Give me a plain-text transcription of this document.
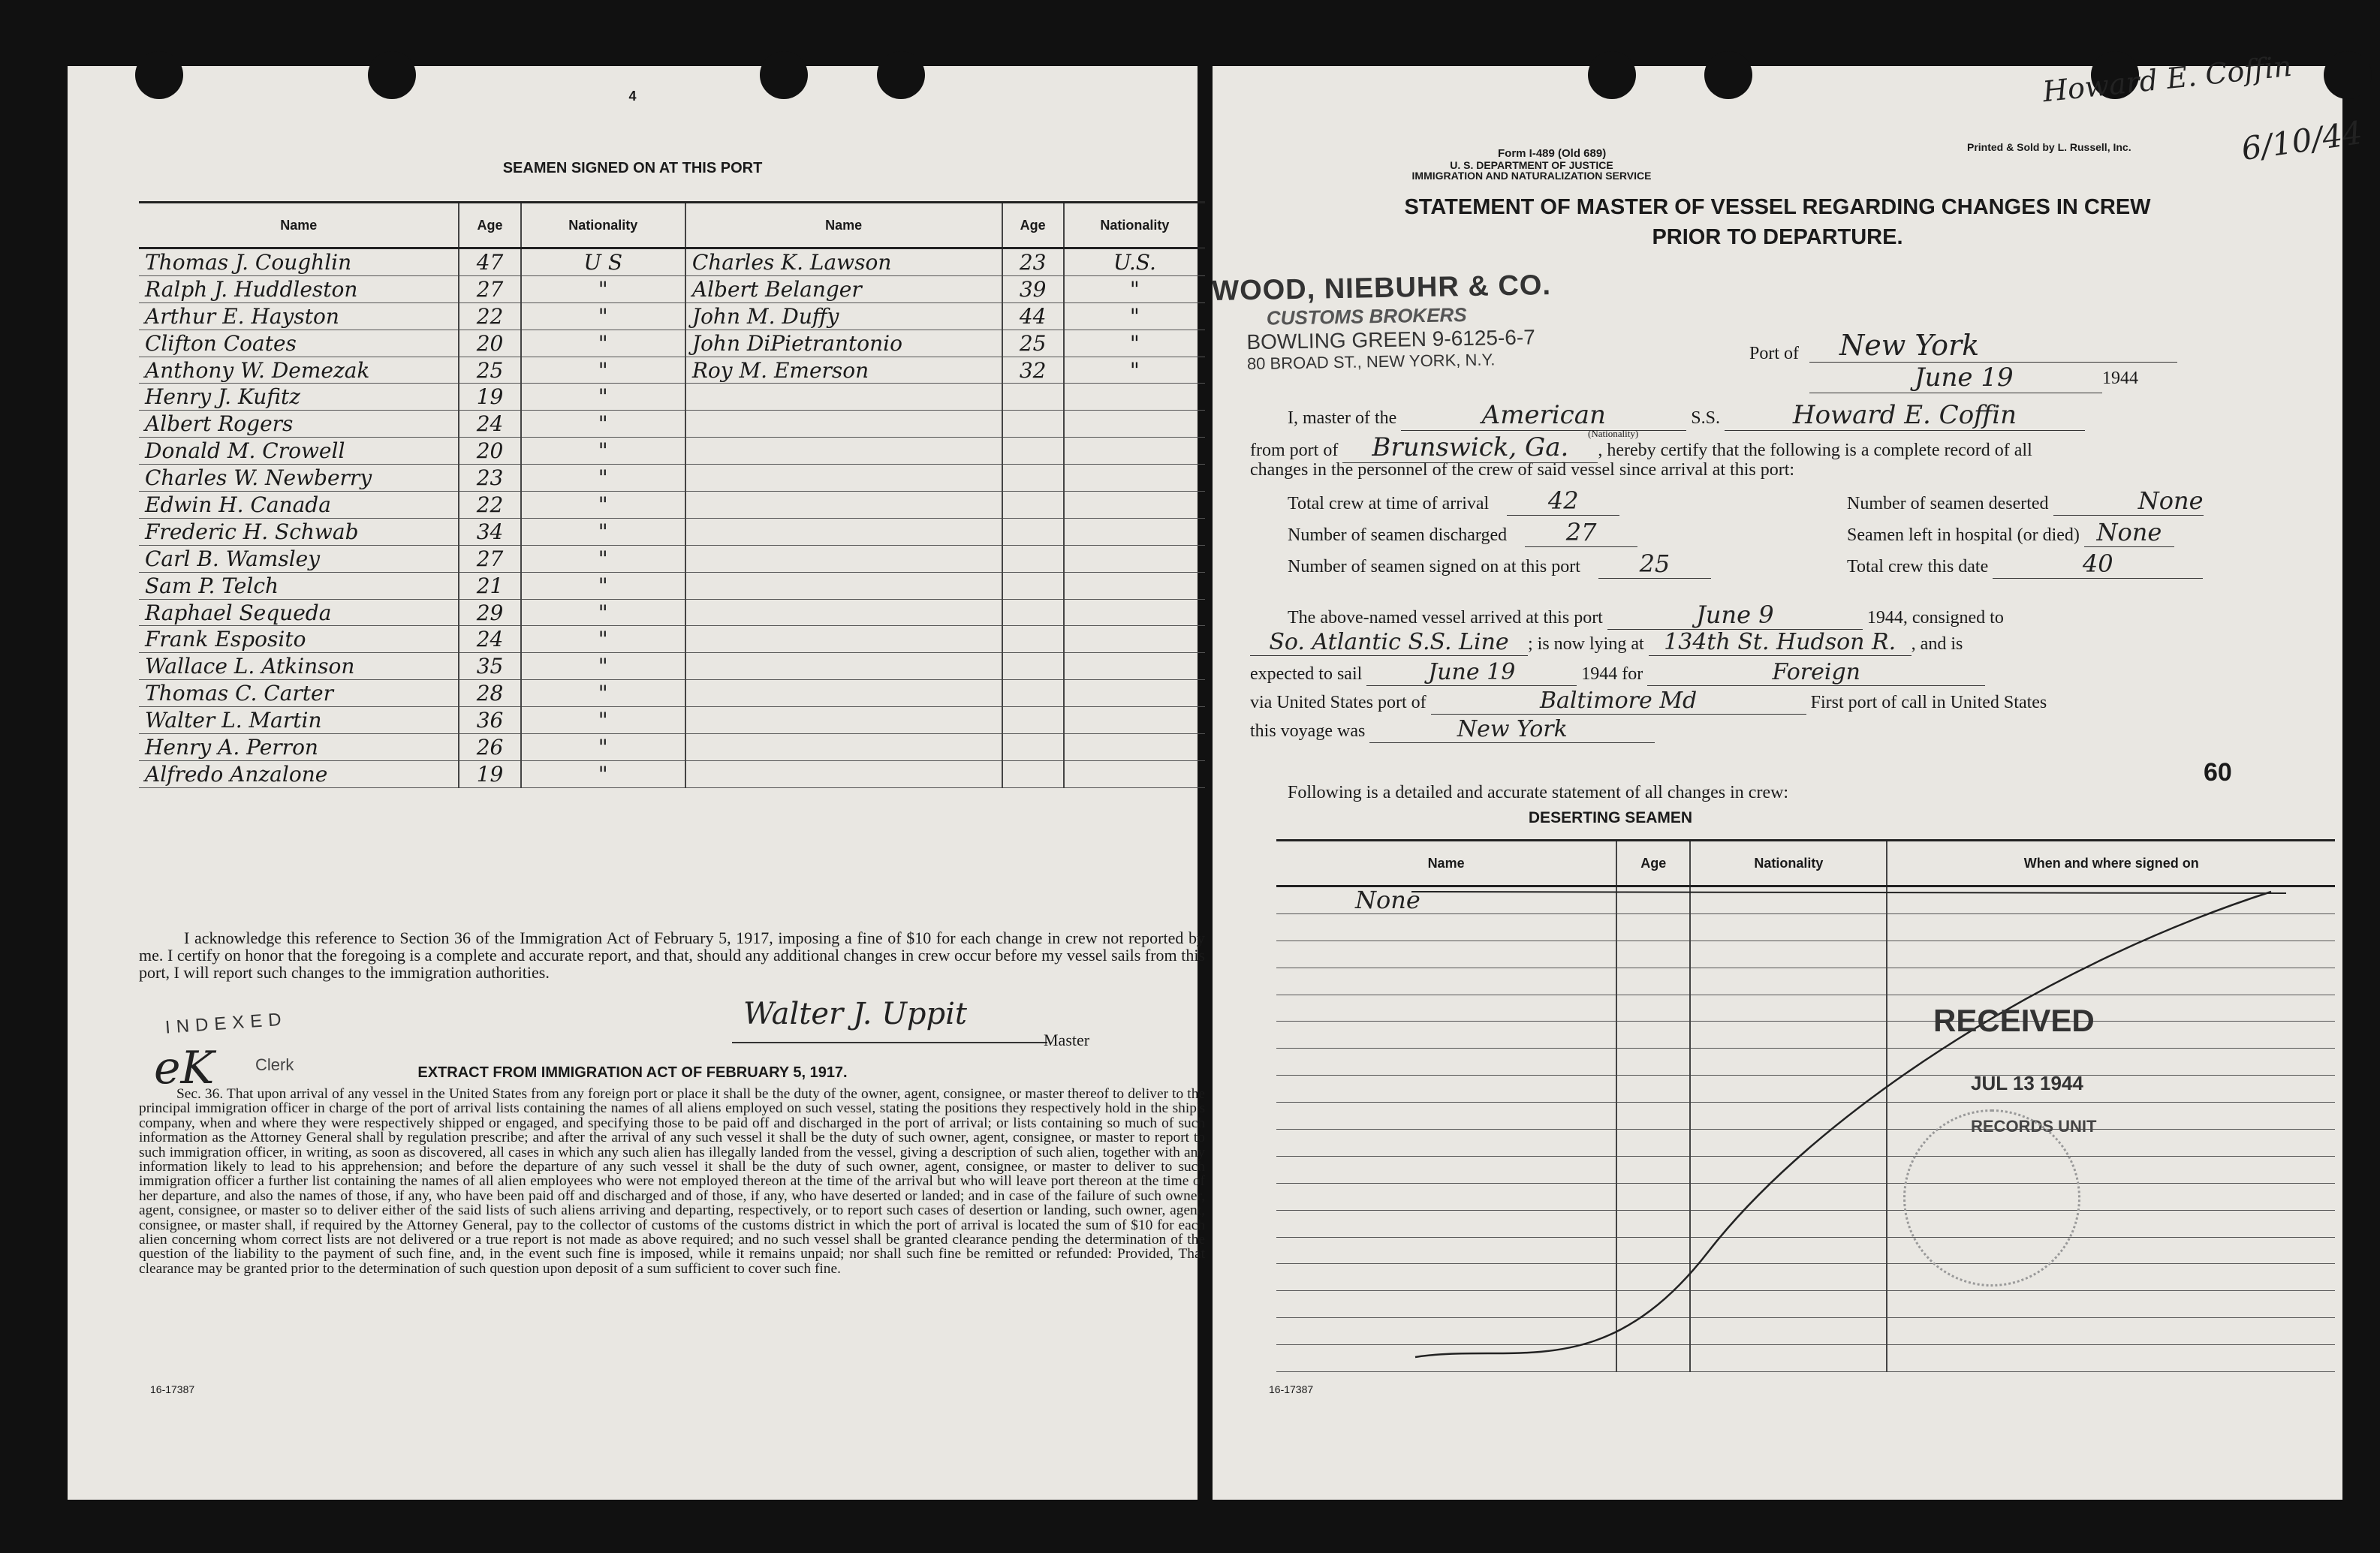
4
SEAMEN SIGNED ON AT THIS PORT
Name	Age	Nationality	Name	Age	Nationality
Thomas J. Coughlin	47	U S	Charles K. Lawson	23	U.S.
Ralph J. Huddleston	27	"	Albert Belanger	39	"
Arthur E. Hayston	22	"	John M. Duffy	44	"
Clifton Coates	20	"	John DiPietrantonio	25	"
Anthony W. Demezak	25	"	Roy M. Emerson	32	"
Henry J. Kufitz	19	"			
Albert Rogers	24	"			
Donald M. Crowell	20	"			
Charles W. Newberry	23	"			
Edwin H. Canada	22	"			
Frederic H. Schwab	34	"			
Carl B. Wamsley	27	"			
Sam P. Telch	21	"			
Raphael Sequeda	29	"			
Frank Esposito	24	"			
Wallace L. Atkinson	35	"			
Thomas C. Carter	28	"			
Walter L. Martin	36	"			
Henry A. Perron	26	"			
Alfredo Anzalone	19	"			
I acknowledge this reference to Section 36 of the Immigration Act of February 5, 1917, imposing a fine of $10 for each change in crew not reported by me. I certify on honor that the foregoing is a complete and accurate report, and that, should any additional changes in crew occur before my vessel sails from this port, I will report such changes to the immigration authorities.
Walter J. Uppit
Master
INDEXED
eK Clerk	EXTRACT FROM IMMIGRATION ACT OF FEBRUARY 5, 1917.
Sec. 36. That upon arrival of any vessel in the United States from any foreign port or place it shall be the duty of the owner, agent, consignee, or master thereof to deliver to the principal immigration officer in charge of the port of arrival lists containing the names of all aliens employed on such vessel, stating the positions they respectively hold in the ship's company, when and where they were respectively shipped or engaged, and specifying those to be paid off and discharged in the port of arrival; or lists containing so much of such information as the Attorney General shall by regulation prescribe; and after the arrival of any such vessel it shall be the duty of such owner, agent, consignee, or master to report to such immigration officer, in writing, as soon as discovered, all cases in which any such alien has illegally landed from the vessel, giving a description of such alien, together with any information likely to lead to his apprehension; and before the departure of any such vessel it shall be the duty of such owner, agent, consignee, or master to deliver to such immigration officer a further list containing the names of all alien employees who were not employed thereon at the time of the arrival but who will leave port thereon at the time of her departure, and also the names of those, if any, who have been paid off and discharged and of those, if any, who have deserted or landed; and in case of the failure of such owner, agent, consignee, or master so to deliver either of the said lists of such aliens arriving and departing, respectively, or to report such cases of desertion or landing, such owner, agent, consignee, or master shall, if required by the Attorney General, pay to the collector of customs of the customs district in which the port of arrival is located the sum of $10 for each alien concerning whom correct lists are not delivered or a true report is not made as above required; and no such vessel shall be granted clearance pending the determination of the question of the liability to the payment of such fine, and, in the event such fine is imposed, while it remains unpaid; nor shall such fine be remitted or refunded: Provided, That clearance may be granted prior to the determination of such question upon deposit of a sum sufficient to cover such fine.
16-17387
Howard E. Coffin
6/10/44
Form I-489 (Old 689)
U. S. DEPARTMENT OF JUSTICE
IMMIGRATION AND NATURALIZATION SERVICE
Printed & Sold by L. Russell, Inc.
STATEMENT OF MASTER OF VESSEL REGARDING CHANGES IN CREW
PRIOR TO DEPARTURE.
WOOD, NIEBUHR & CO.
CUSTOMS BROKERS
BOWLING GREEN 9-6125-6-7
80 BROAD ST., NEW YORK, N.Y.	Port of	New York
June 19	1944
I, master of the	American	S.S.	Howard E. Coffin
(Nationality)
from port of Brunswick, Ga. , hereby certify that the following is a complete record of all
changes in the personnel of the crew of said vessel since arrival at this port:
Total crew at time of arrival 42
Number of seamen discharged 27
Number of seamen signed on at this port 25
Number of seamen deserted	None
Seamen left in hospital (or died) None
Total crew this date	40
The above-named vessel arrived at this port	June 9	1944, consigned to
So. Atlantic S.S. Line ; is now lying at 134th St. Hudson R. , and is
expected to sail	June 19	1944 for	Foreign
via United States port of	Baltimore Md	First port of call in United States
this voyage was	New York
60
Following is a detailed and accurate statement of all changes in crew:
DESERTING SEAMEN
Name	Age	Nationality	When and where signed on

None
RECEIVED
JUL 13 1944
RECORDS UNIT
16-17387
